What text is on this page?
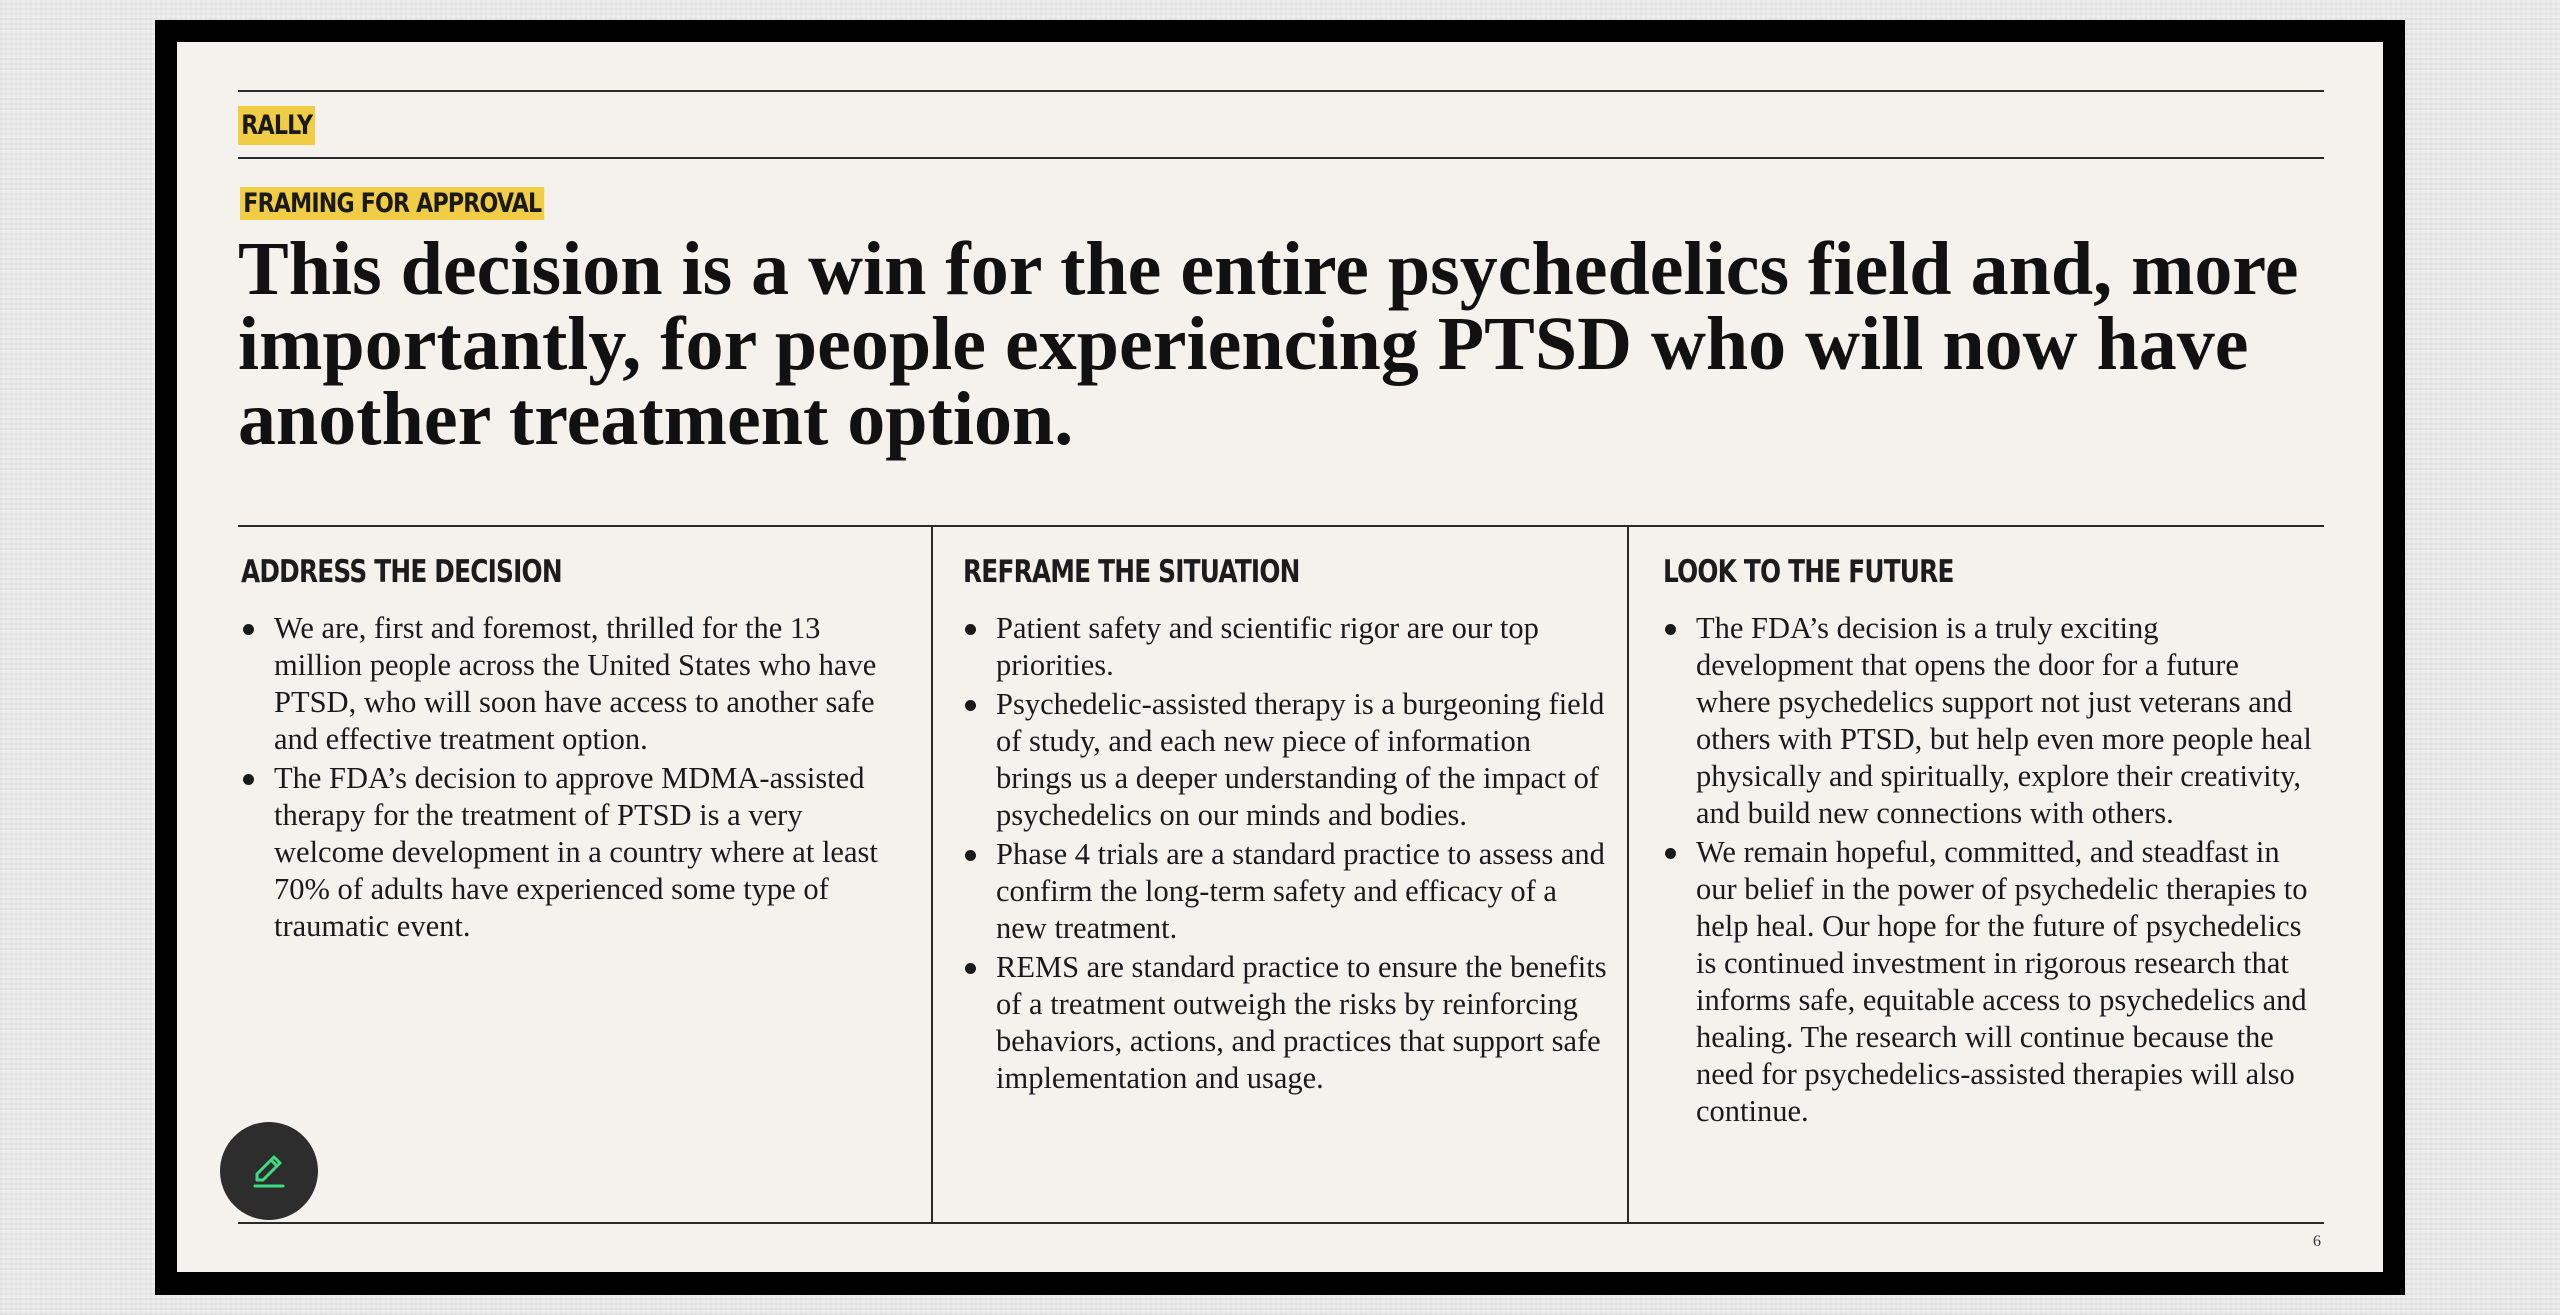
RALLY
FRAMING FOR APPROVAL
This decision is a win for the entire psychedelics field and, more importantly, for people experiencing PTSD who will now have another treatment option.
ADDRESS THE DECISION
We are, first and foremost, thrilled for the 13 million people across the United States who have PTSD, who will soon have access to another safe and effective treatment option.
The FDA’s decision to approve MDMA-assisted therapy for the treatment of PTSD is a very welcome development in a country where at least 70% of adults have experienced some type of traumatic event.
REFRAME THE SITUATION
Patient safety and scientific rigor are our top priorities.
Psychedelic-assisted therapy is a burgeoning field of study, and each new piece of information brings us a deeper understanding of the impact of psychedelics on our minds and bodies.
Phase 4 trials are a standard practice to assess and confirm the long-term safety and efficacy of a new treatment.
REMS are standard practice to ensure the benefits of a treatment outweigh the risks by reinforcing behaviors, actions, and practices that support safe implementation and usage.
LOOK TO THE FUTURE
The FDA’s decision is a truly exciting development that opens the door for a future where psychedelics support not just veterans and others with PTSD, but help even more people heal physically and spiritually, explore their creativity, and build new connections with others.
We remain hopeful, committed, and steadfast in our belief in the power of psychedelic therapies to help heal. Our hope for the future of psychedelics is continued investment in rigorous research that informs safe, equitable access to psychedelics and healing. The research will continue because the need for psychedelics-assisted therapies will also continue.
6
